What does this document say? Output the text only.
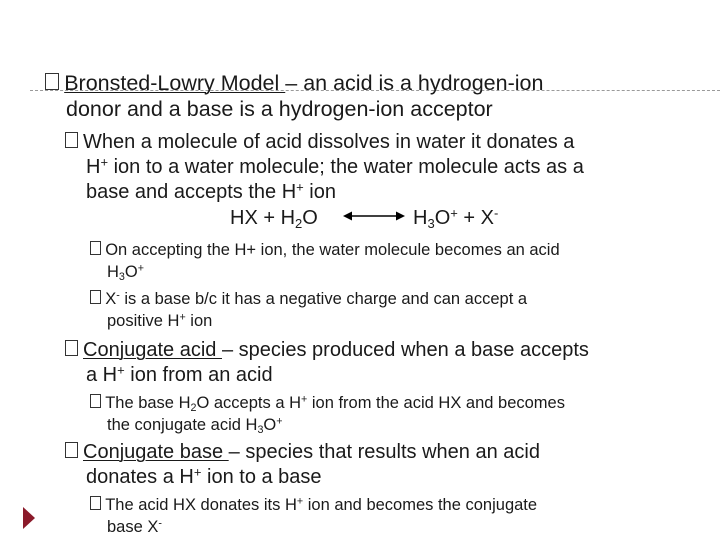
Bronsted-Lowry Model – an acid is a hydrogen-ion
donor and a base is a hydrogen-ion acceptor
When a molecule of acid dissolves in water it donates a
H+ ion to a water molecule; the water molecule acts as a
base and accepts the H+ ion
HX + $H_2O$	$H_3O^+ + X^-$
On accepting the H+ ion, the water molecule becomes an acid
$H_3O^+$
X- is a base b/c it has a negative charge and can accept a
positive H+ ion
Conjugate acid – species produced when a base accepts
a H+ ion from an acid
The base $H_2O$ accepts a H+ ion from the acid HX and becomes
the conjugate acid $H_3O^+$
Conjugate base – species that results when an acid
donates a H+ ion to a base
The acid HX donates its H+ ion and becomes the conjugate
base X-
